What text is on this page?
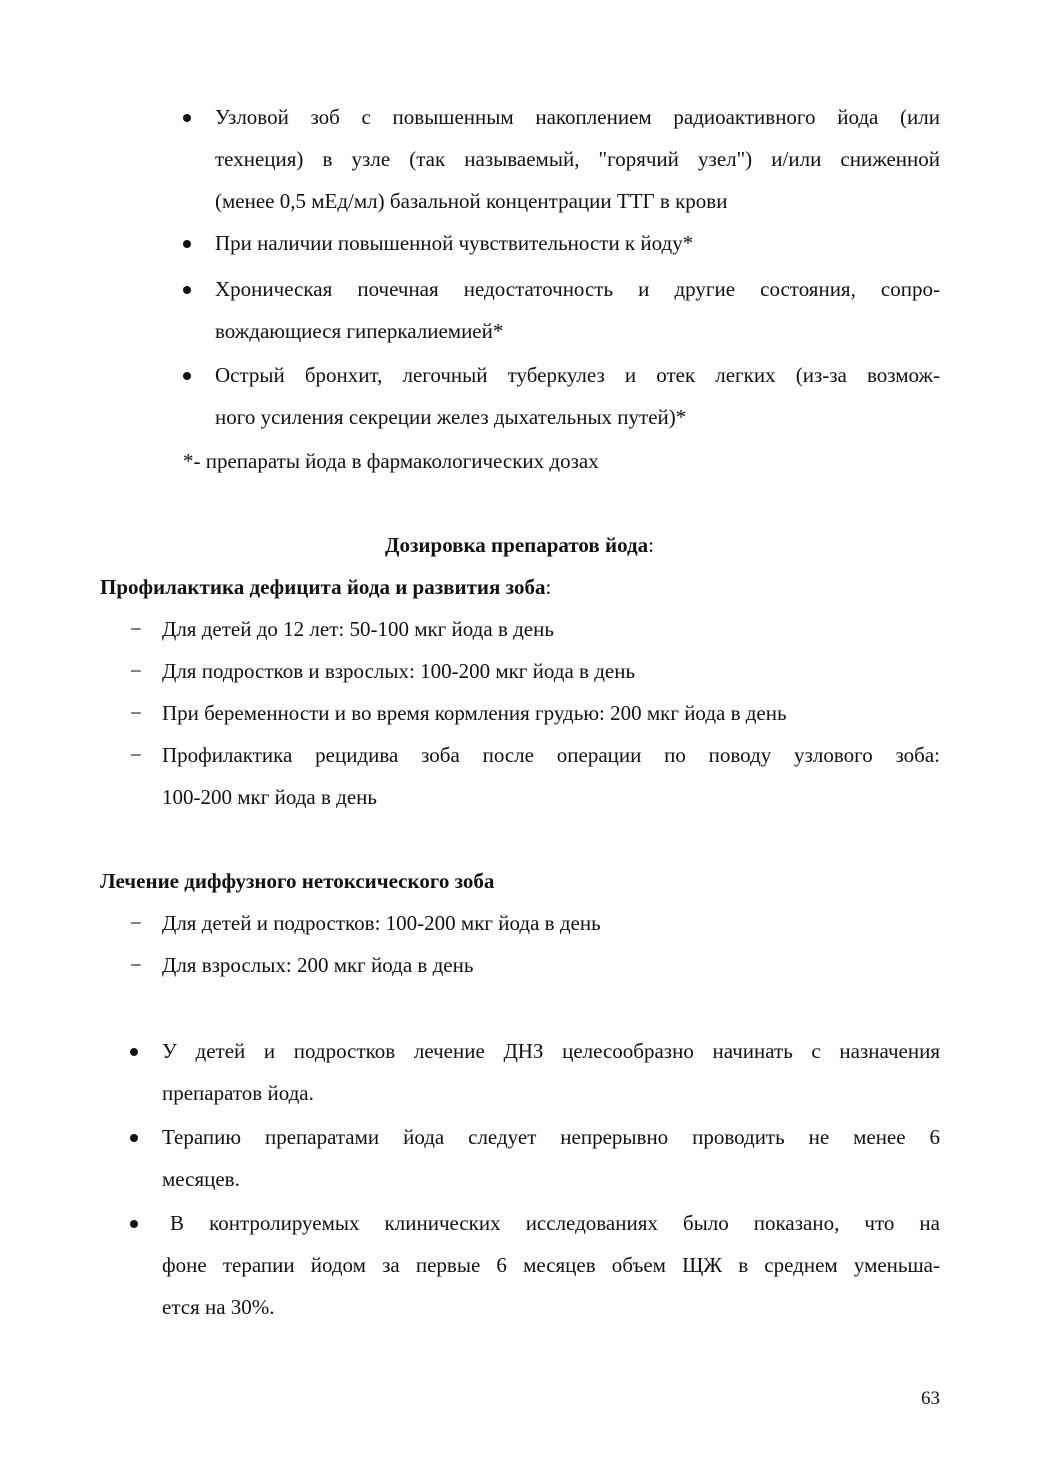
Узловой зоб с повышенным накоплением радиоактивного йода (или
технеция) в узле (так называемый, "горячий узел") и/или сниженной
(менее 0,5 мЕд/мл) базальной концентрации ТТГ в крови
При наличии повышенной чувствительности к йоду*
Хроническая почечная недостаточность и другие состояния, сопро-
вождающиеся гиперкалиемией*
Острый бронхит, легочный туберкулез и отек легких (из-за возмож-
ного усиления секреции желез дыхательных путей)*
*- препараты йода в фармакологических дозах
Дозировка препаратов йода:
Профилактика дефицита йода и развития зоба:
− Для детей до 12 лет: 50-100 мкг йода в день
− Для подростков и взрослых: 100-200 мкг йода в день
− При беременности и во время кормления грудью: 200 мкг йода в день
− Профилактика рецидива зоба после операции по поводу узлового зоба:
100-200 мкг йода в день
Лечение диффузного нетоксического зоба
− Для детей и подростков: 100-200 мкг йода в день
− Для взрослых: 200 мкг йода в день
У детей и подростков лечение ДНЗ целесообразно начинать с назначения
препаратов йода.
Терапию препаратами йода следует непрерывно проводить не менее 6
месяцев.
В контролируемых клинических исследованиях было показано, что на
фоне терапии йодом за первые 6 месяцев объем ЩЖ в среднем уменьша-
ется на 30%.
63
